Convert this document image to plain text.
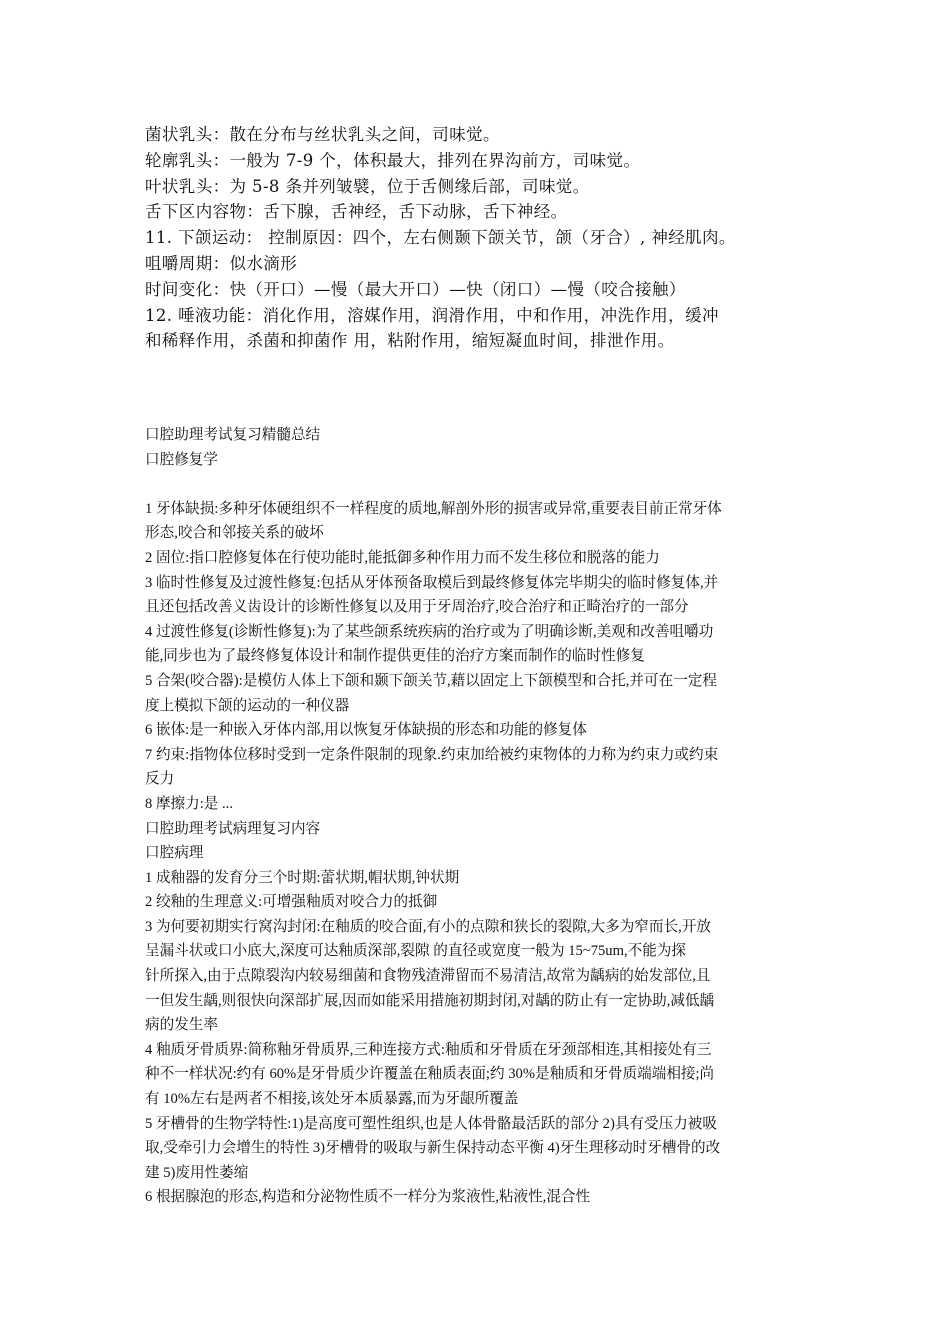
菌状乳头：散在分布与丝状乳头之间，司味觉。
轮廓乳头：一般为 7-9 个，体积最大，排列在界沟前方，司味觉。
叶状乳头：为 5-8 条并列皱襞，位于舌侧缘后部，司味觉。
舌下区内容物：舌下腺，舌神经，舌下动脉，舌下神经。
11. 下颌运动： 控制原因：四个，左右侧颞下颌关节，颌（牙合）, 神经肌肉。
咀嚼周期：似水滴形
时间变化：快（开口）—慢（最大开口）—快（闭口）—慢（咬合接触）
12. 唾液功能：消化作用，溶媒作用，润滑作用，中和作用，冲洗作用，缓冲
和稀释作用，杀菌和抑菌作 用，粘附作用，缩短凝血时间，排泄作用。
口腔助理考试复习精髓总结
口腔修复学
1 牙体缺损:多种牙体硬组织不一样程度的质地,解剖外形的损害或异常,重要表目前正常牙体
形态,咬合和邻接关系的破坏
2 固位:指口腔修复体在行使功能时,能抵御多种作用力而不发生移位和脱落的能力
3 临时性修复及过渡性修复:包括从牙体预备取模后到最终修复体完毕期尖的临时修复体,并
且还包括改善义齿设计的诊断性修复以及用于牙周治疗,咬合治疗和正畸治疗的一部分
4 过渡性修复(诊断性修复):为了某些颌系统疾病的治疗或为了明确诊断,美观和改善咀嚼功
能,同步也为了最终修复体设计和制作提供更佳的治疗方案而制作的临时性修复
5 合架(咬合器):是模仿人体上下颌和颞下颌关节,藉以固定上下颌模型和合托,并可在一定程
度上模拟下颌的运动的一种仪器
6 嵌体:是一种嵌入牙体内部,用以恢复牙体缺损的形态和功能的修复体
7 约束:指物体位移时受到一定条件限制的现象.约束加给被约束物体的力称为约束力或约束
反力
8 摩擦力:是 ...
口腔助理考试病理复习内容
口腔病理
1 成釉器的发育分三个时期:蕾状期,帽状期,钟状期
2 绞釉的生理意义:可增强釉质对咬合力的抵御
3 为何要初期实行窝沟封闭:在釉质的咬合面,有小的点隙和狭长的裂隙,大多为窄而长,开放
呈漏斗状或口小底大,深度可达釉质深部,裂隙 的直径或宽度一般为 15~75um,不能为探
针所探入,由于点隙裂沟内较易细菌和食物残渣滞留而不易清洁,故常为龋病的始发部位,且
一但发生龋,则很快向深部扩展,因而如能采用措施初期封闭,对龋的防止有一定协助,减低龋
病的发生率
4 釉质牙骨质界:简称釉牙骨质界,三种连接方式:釉质和牙骨质在牙颈部相连,其相接处有三
种不一样状况:约有 60%是牙骨质少许覆盖在釉质表面;约 30%是釉质和牙骨质端端相接;尚
有 10%左右是两者不相接,该处牙本质暴露,而为牙龈所覆盖
5 牙槽骨的生物学特性:1)是高度可塑性组织,也是人体骨骼最活跃的部分 2)具有受压力被吸
取,受牵引力会增生的特性 3)牙槽骨的吸取与新生保持动态平衡 4)牙生理移动时牙槽骨的改
建 5)废用性萎缩
6 根据腺泡的形态,构造和分泌物性质不一样分为浆液性,粘液性,混合性
